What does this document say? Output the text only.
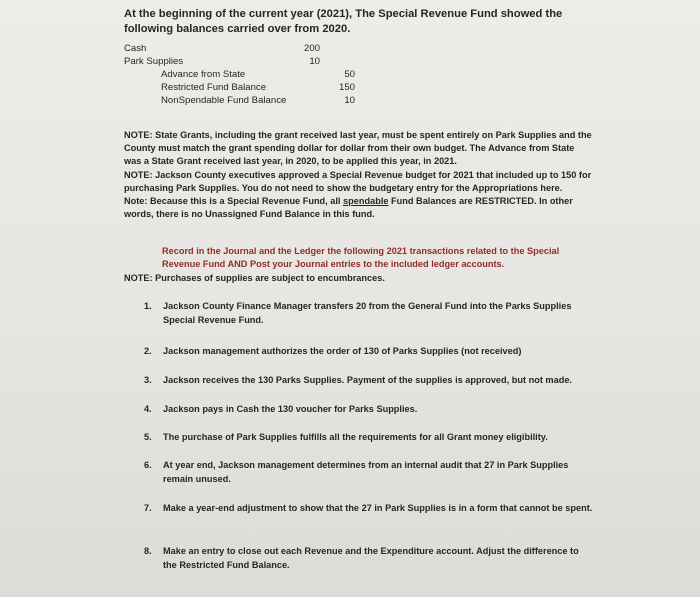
At the beginning of the current year (2021), The Special Revenue Fund showed the following balances carried over from 2020.
Cash	200
Park Supplies	10
Advance from State	50
Restricted Fund Balance	150
NonSpendable Fund Balance	10
NOTE: State Grants, including the grant received last year, must be spent entirely on Park Supplies and the County must match the grant spending dollar for dollar from their own budget. The Advance from State was a State Grant received last year, in 2020, to be applied this year, in 2021.
NOTE: Jackson County executives approved a Special Revenue budget for 2021 that included up to 150 for purchasing Park Supplies. You do not need to show the budgetary entry for the Appropriations here.
Note: Because this is a Special Revenue Fund, all spendable Fund Balances are RESTRICTED. In other words, there is no Unassigned Fund Balance in this fund.
Record in the Journal and the Ledger the following 2021 transactions related to the Special Revenue Fund AND Post your Journal entries to the included ledger accounts.
NOTE: Purchases of supplies are subject to encumbrances.
1.	Jackson County Finance Manager transfers 20 from the General Fund into the Parks Supplies Special Revenue Fund.
2.	Jackson management authorizes the order of 130 of Parks Supplies (not received)
3.	Jackson receives the 130 Parks Supplies. Payment of the supplies is approved, but not made.
4.	Jackson pays in Cash the 130 voucher for Parks Supplies.
5.	The purchase of Park Supplies fulfills all the requirements for all Grant money eligibility.
6.	At year end, Jackson management determines from an internal audit that 27 in Park Supplies remain unused.
7.	Make a year-end adjustment to show that the 27 in Park Supplies is in a form that cannot be spent.
8.	Make an entry to close out each Revenue and the Expenditure account. Adjust the difference to the Restricted Fund Balance.
